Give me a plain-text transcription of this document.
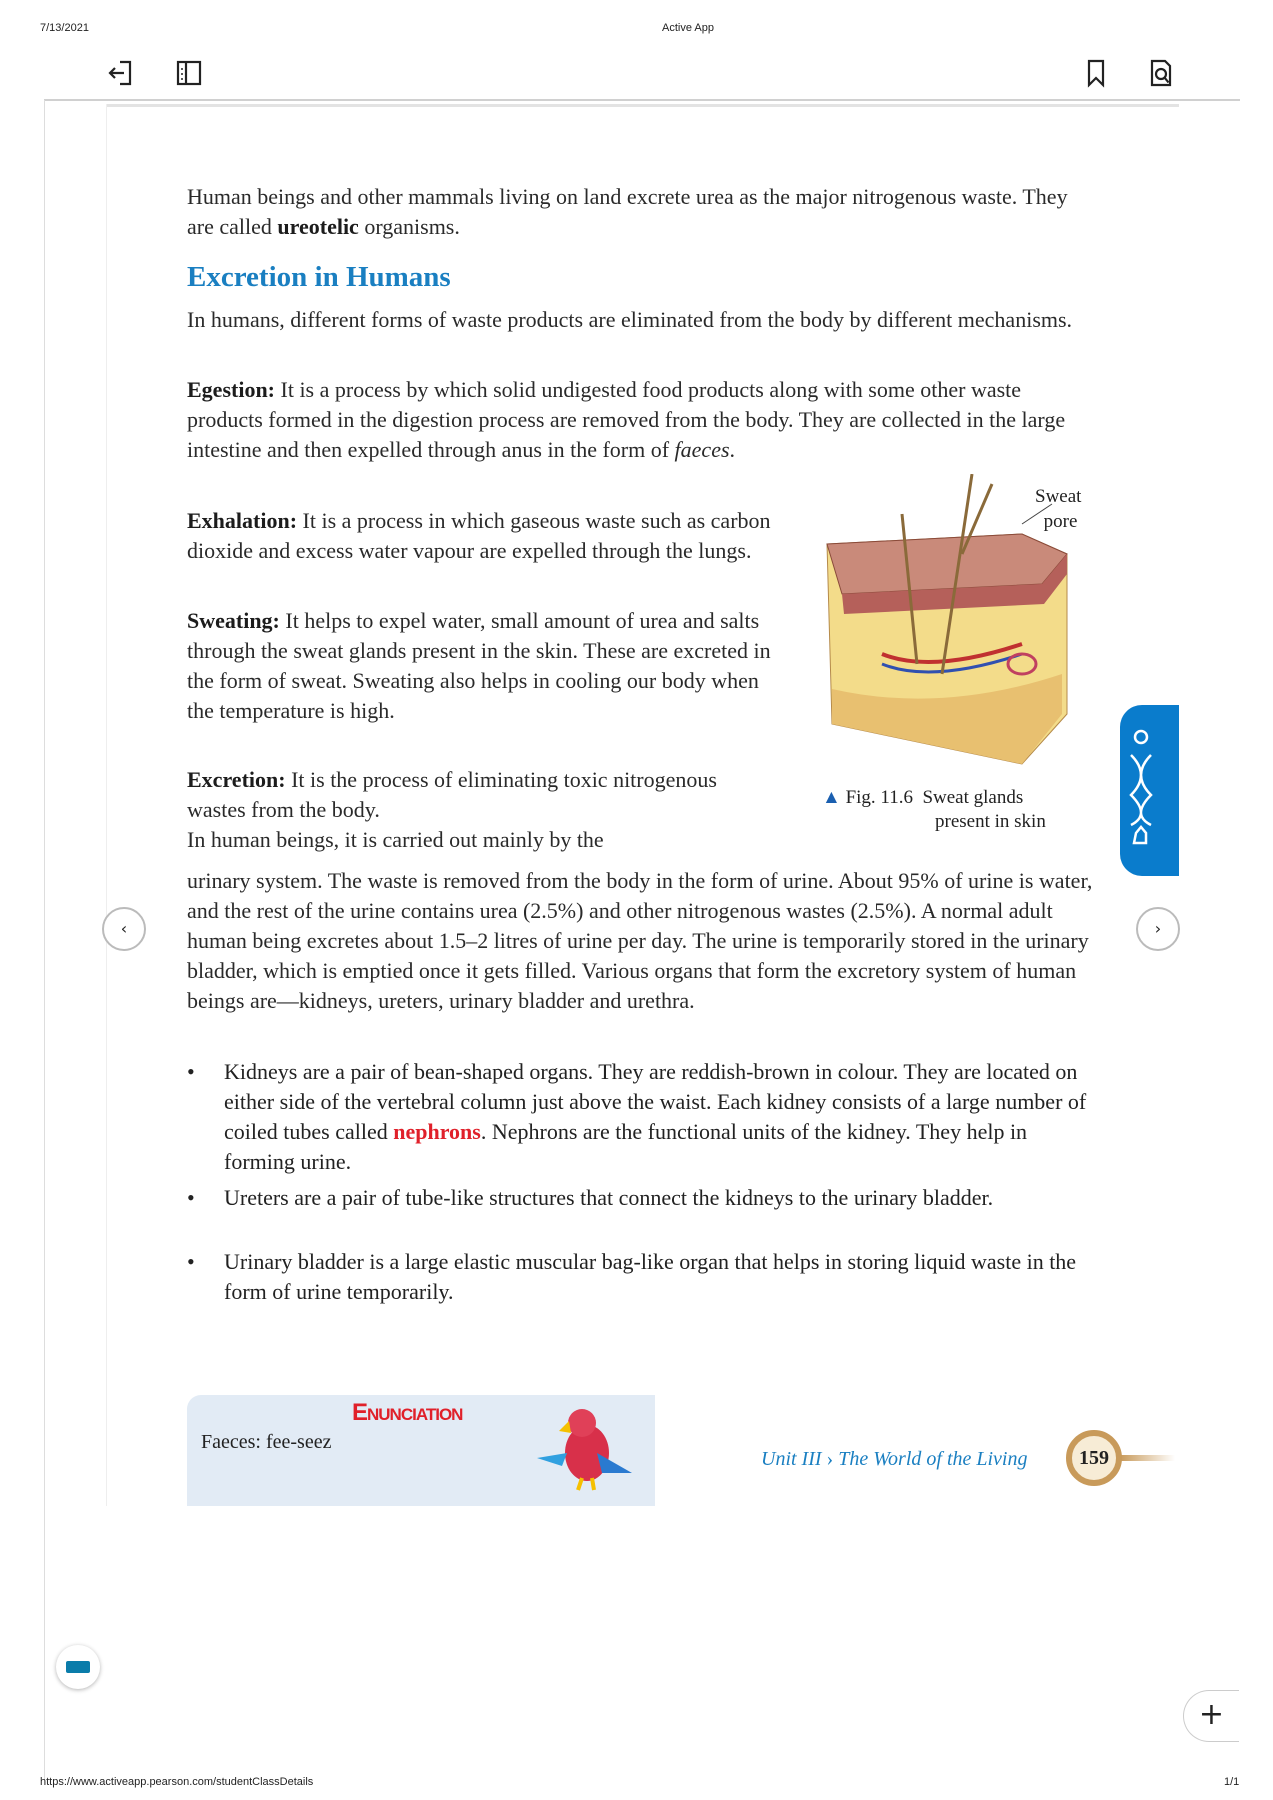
7/13/2021	Active App
Human beings and other mammals living on land excrete urea as the major nitrogenous waste. They are called ureotelic organisms.
Excretion in Humans
In humans, different forms of waste products are eliminated from the body by different mechanisms.
Egestion: It is a process by which solid undigested food products along with some other waste products formed in the digestion process are removed from the body. They are collected in the large intestine and then expelled through anus in the form of faeces.
Exhalation: It is a process in which gaseous waste such as carbon dioxide and excess water vapour are expelled through the lungs.
Sweating: It helps to expel water, small amount of urea and salts through the sweat glands present in the skin. These are excreted in the form of sweat. Sweating also helps in cooling our body when the temperature is high.
Excretion: It is the process of eliminating toxic nitrogenous wastes from the body.
In human beings, it is carried out mainly by the
urinary system. The waste is removed from the body in the form of urine. About 95% of urine is water, and the rest of the urine contains urea (2.5%) and other nitrogenous wastes (2.5%). A normal adult human being excretes about 1.5–2 litres of urine per day. The urine is temporarily stored in the urinary bladder, which is emptied once it gets filled. Various organs that form the excretory system of human beings are—kidneys, ureters, urinary bladder and urethra.
• Kidneys are a pair of bean-shaped organs. They are reddish-brown in colour. They are located on either side of the vertebral column just above the waist. Each kidney consists of a large number of coiled tubes called nephrons. Nephrons are the functional units of the kidney. They help in forming urine.
• Ureters are a pair of tube-like structures that connect the kidneys to the urinary bladder.
• Urinary bladder is a large elastic muscular bag-like organ that helps in storing liquid waste in the form of urine temporarily.
Sweat
pore
▲ Fig. 11.6 Sweat glands
present in skin
‹	›
Enunciation
Faeces: fee-seez
Unit III › The World of the Living	159
+
https://www.activeapp.pearson.com/studentClassDetails	1/1
